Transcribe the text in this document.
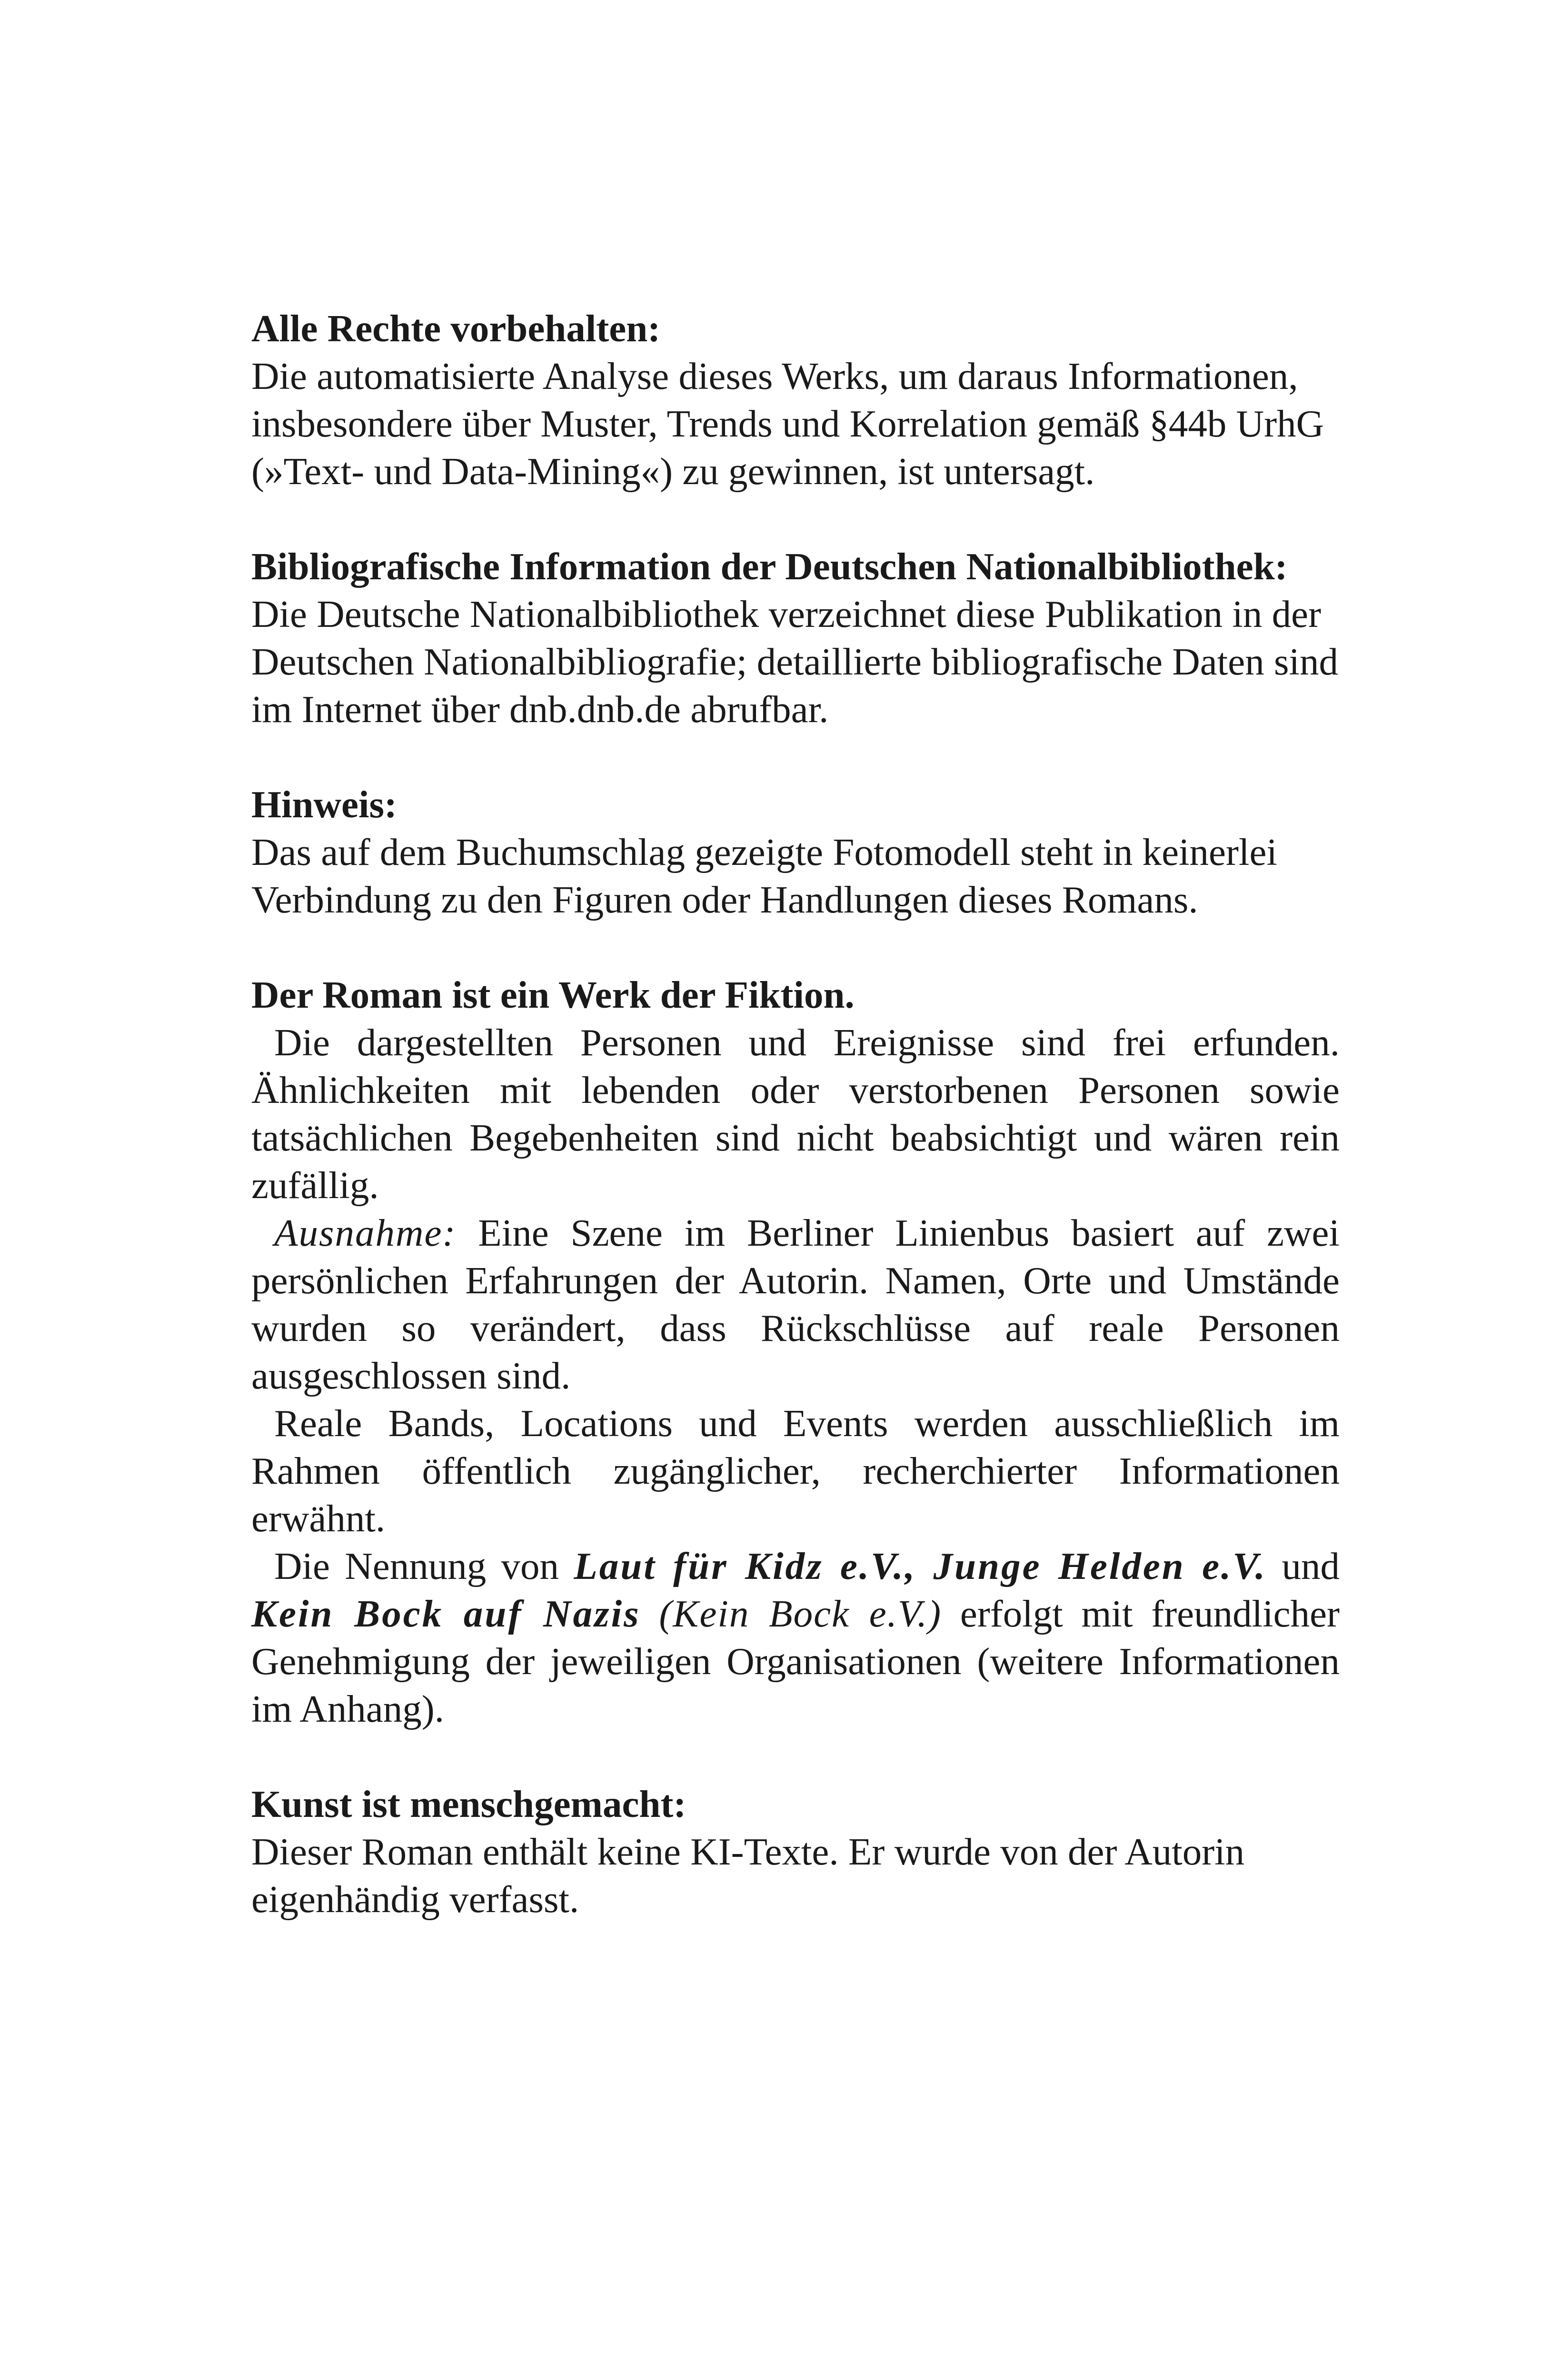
Alle Rechte vorbehalten:
Die automatisierte Analyse dieses Werks, um daraus Informationen, insbesondere über Muster, Trends und Korrelation gemäß §44b UrhG (»Text- und Data-Mining«) zu gewinnen, ist untersagt.
Bibliografische Information der Deutschen Nationalbibliothek:
Die Deutsche Nationalbibliothek verzeichnet diese Publikation in der Deutschen Nationalbibliografie; detaillierte bibliografische Daten sind im Internet über dnb.dnb.de abrufbar.
Hinweis:
Das auf dem Buchumschlag gezeigte Fotomodell steht in keinerlei Verbindung zu den Figuren oder Handlungen dieses Romans.
Der Roman ist ein Werk der Fiktion.

Die dargestellten Personen und Ereignisse sind frei erfunden. Ähnlichkeiten mit lebenden oder verstorbenen Personen sowie tatsächlichen Begebenheiten sind nicht beabsichtigt und wären rein zufällig.

Ausnahme: Eine Szene im Berliner Linienbus basiert auf zwei persönlichen Erfahrungen der Autorin. Namen, Orte und Umstände wurden so verändert, dass Rückschlüsse auf reale Personen ausgeschlossen sind.

Reale Bands, Locations und Events werden ausschließlich im Rahmen öffentlich zugänglicher, recherchierter Informationen erwähnt.

Die Nennung von Laut für Kidz e.V., Junge Helden e.V. und Kein Bock auf Nazis (Kein Bock e.V.) erfolgt mit freundlicher Genehmigung der jeweiligen Organisationen (weitere Informationen im Anhang).

Kunst ist menschgemacht:
Dieser Roman enthält keine KI-Texte. Er wurde von der Autorin eigenhändig verfasst.
